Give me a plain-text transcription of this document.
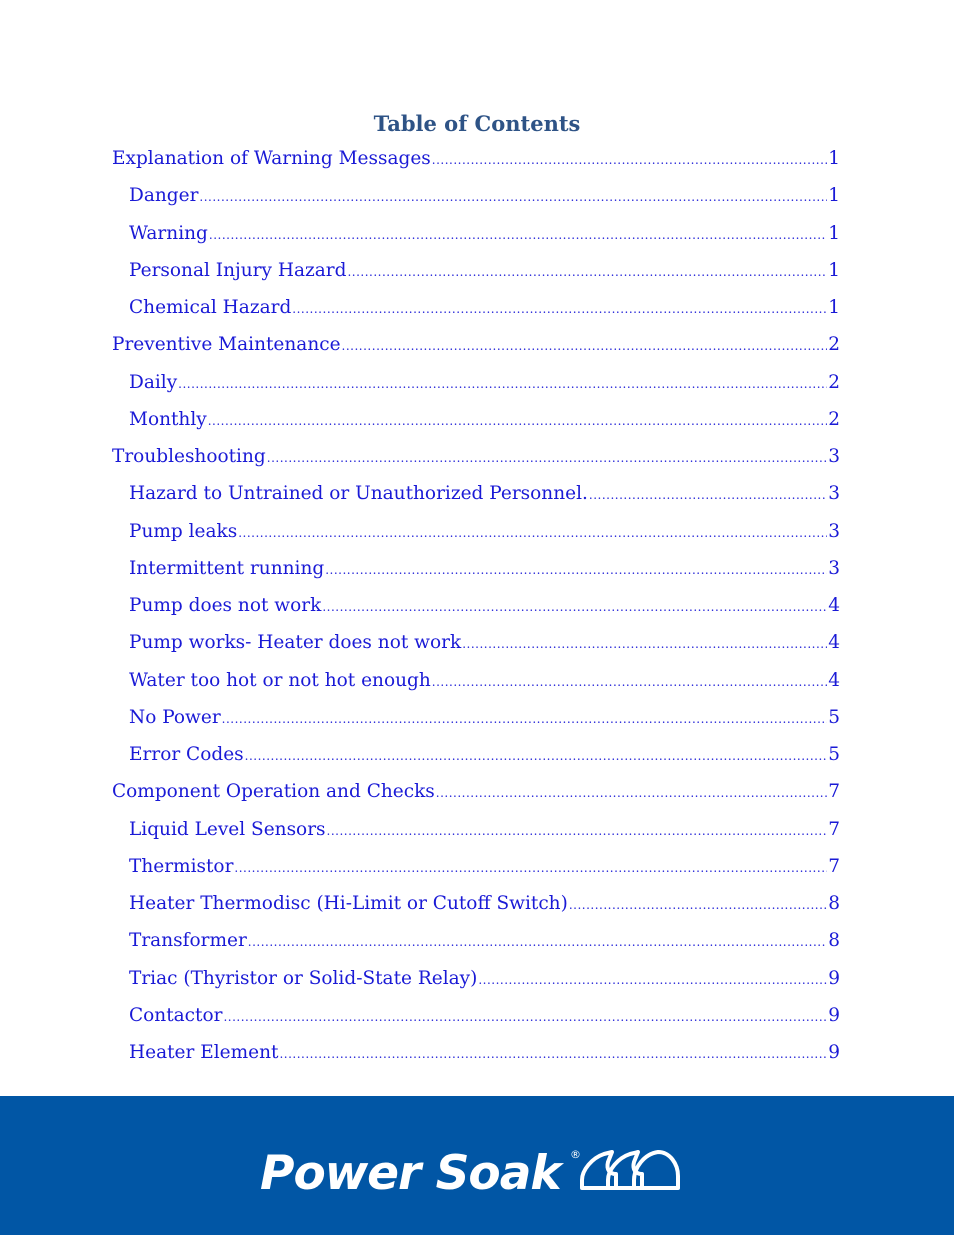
Table of Contents
Explanation of Warning Messages .....	1
Danger .....	1
Warning .....	1
Personal Injury Hazard .....	1
Chemical Hazard .....	1
Preventive Maintenance .....	2
Daily .....	2
Monthly .....	2
Troubleshooting .....	3
Hazard to Untrained or Unauthorized Personnel. .....	3
Pump leaks .....	3
Intermittent running .....	3
Pump does not work .....	4
Pump works- Heater does not work .....	4
Water too hot or not hot enough .....	4
No Power .....	5
Error Codes .....	5
Component Operation and Checks .....	7
Liquid Level Sensors .....	7
Thermistor .....	7
Heater Thermodisc (Hi-Limit or Cutoff Switch) .....	8
Transformer .....	8
Triac (Thyristor or Solid-State Relay) .....	9
Contactor .....	9
Heater Element .....	9
Power Soak ®
